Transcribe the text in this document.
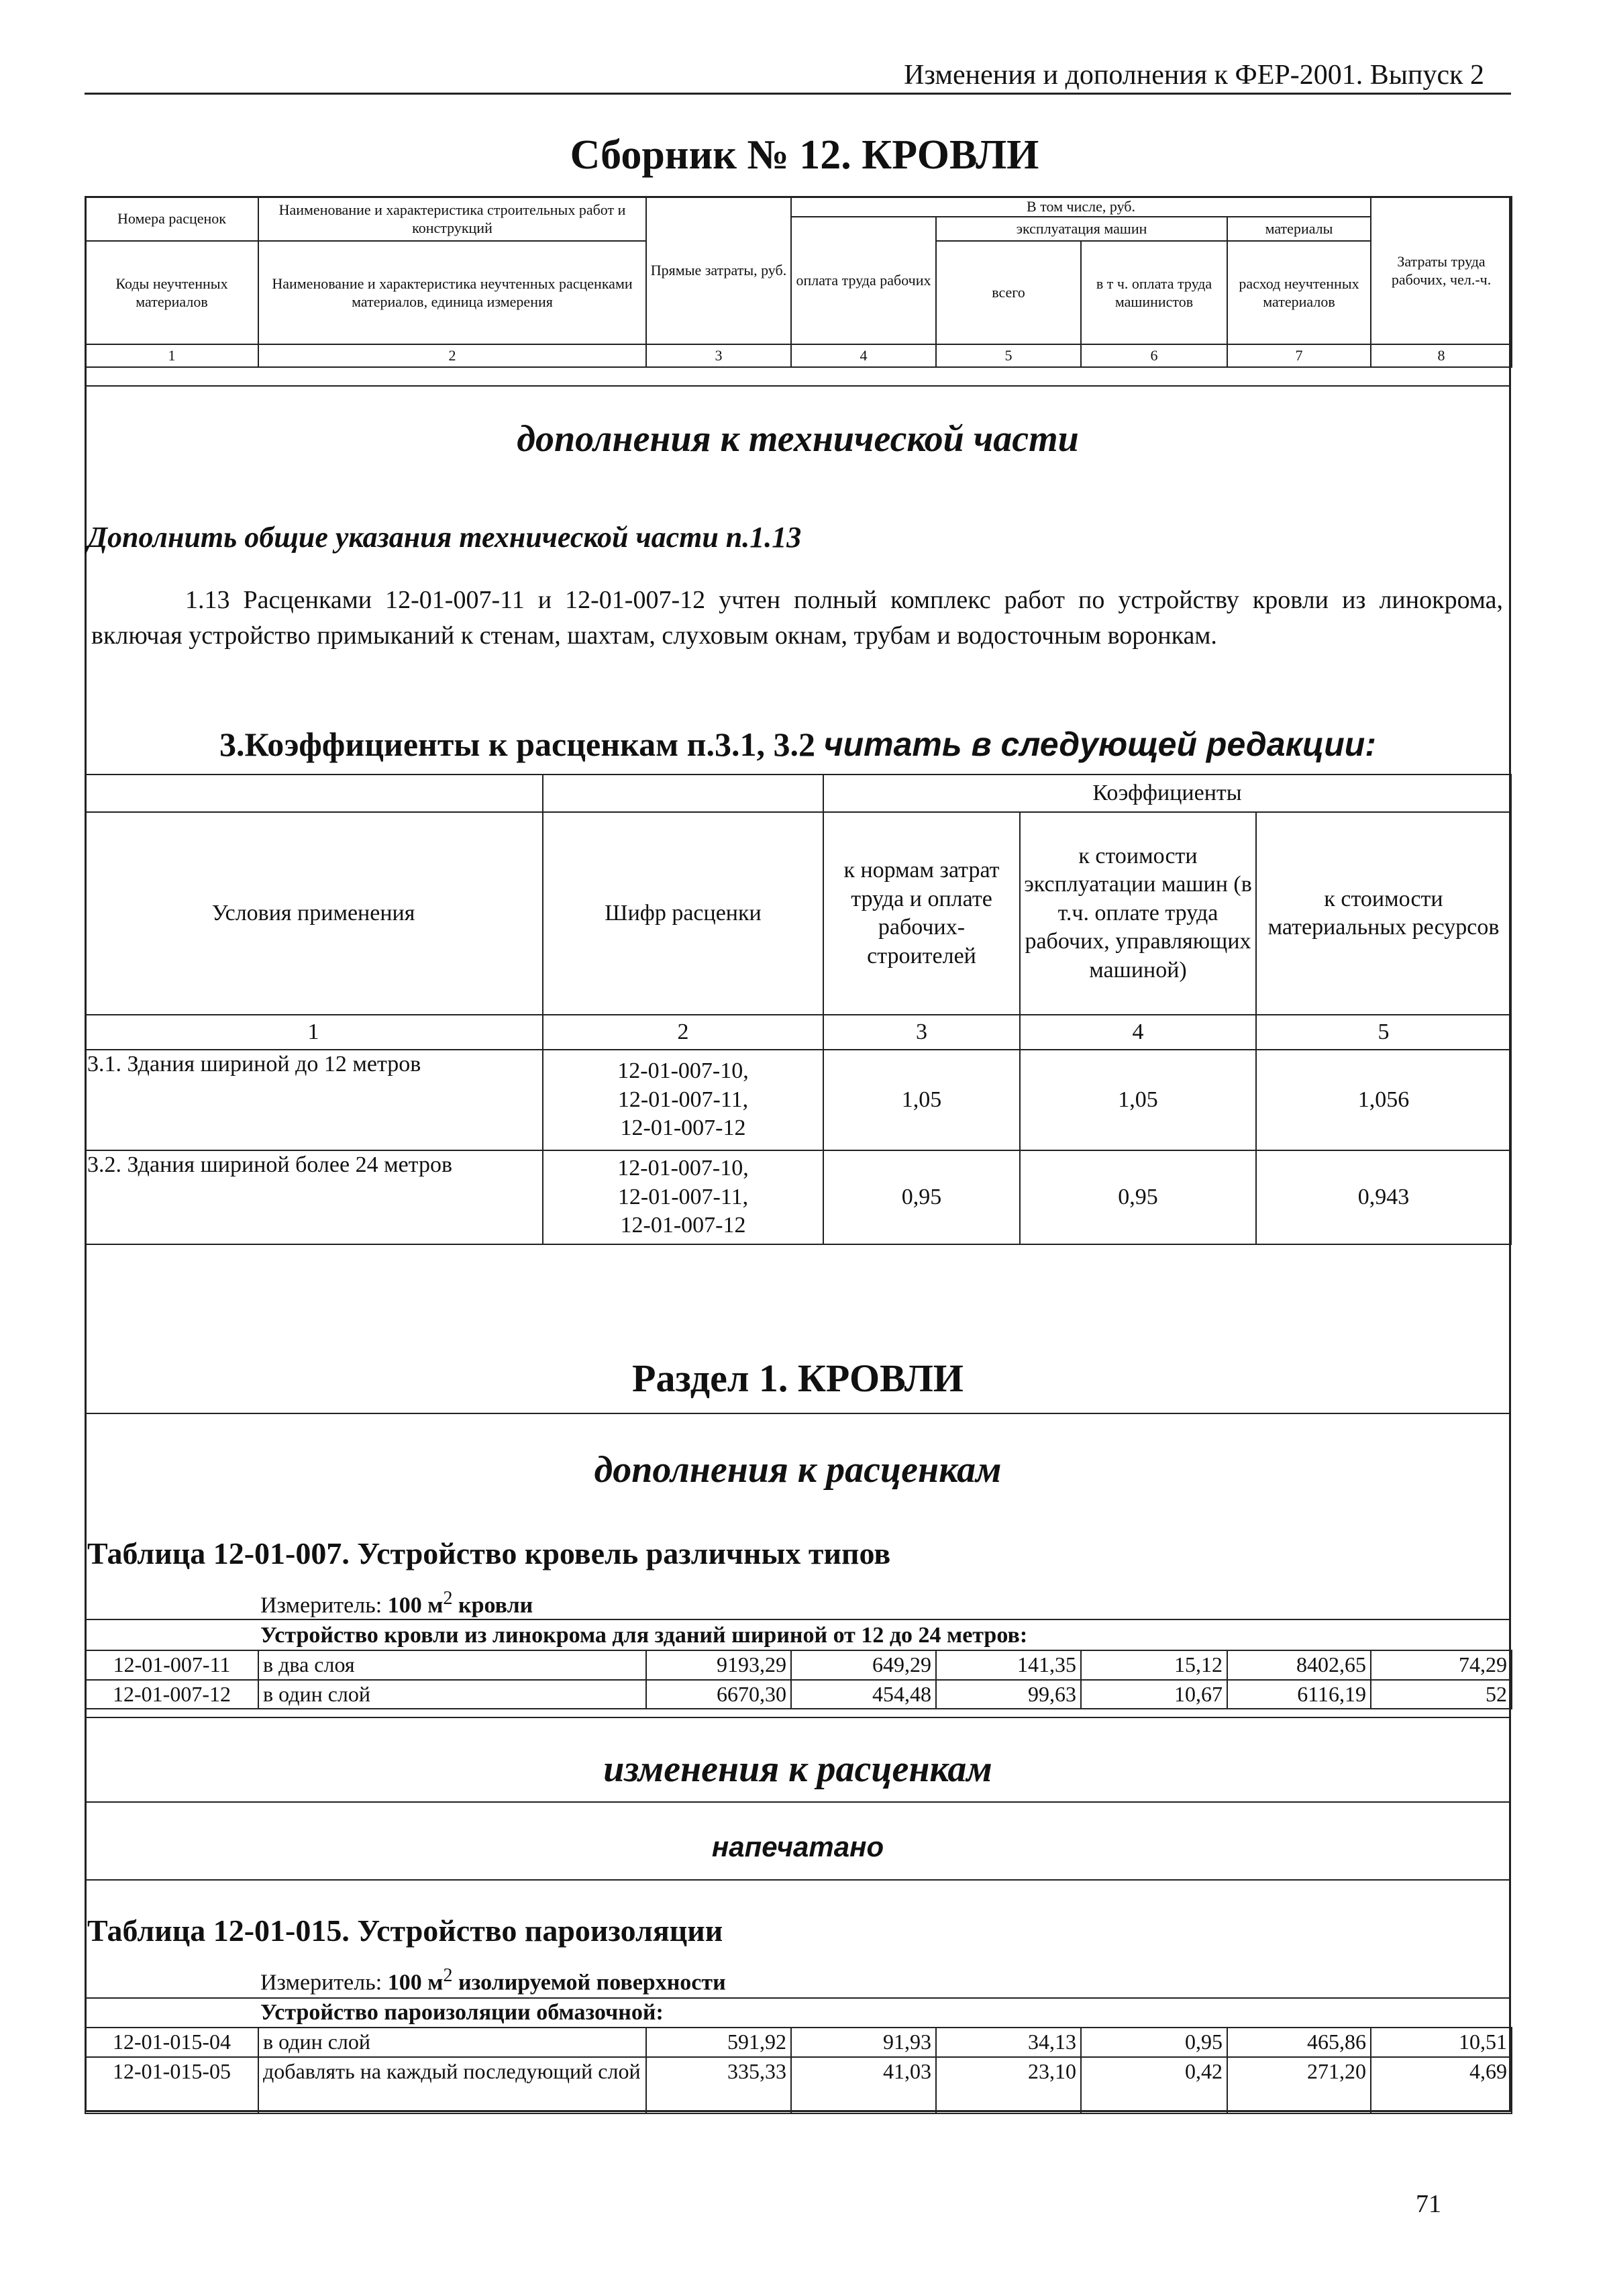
Изменения и дополнения к ФЕР-2001. Выпуск 2
Сборник № 12. КРОВЛИ
Номера расценок	Наименование и характеристика строительных работ и конструкций	Прямые затраты, руб.	В том числе, руб.				Затраты труда рабочих, чел.-ч.
			оплата труда рабочих	эксплуатация машин		материалы	
Коды неучтенных материалов	Наименование и характеристика неучтенных расценками материалов, единица измерения			всего	в т ч. оплата труда машинистов	расход неучтенных материалов	

1	2	3	4	5	6	7	8
дополнения к технической части
Дополнить общие указания технической части п.1.13
1.13 Расценками 12-01-007-11 и 12-01-007-12 учтен полный комплекс работ по устройству кровли из линокрома, включая устройство примыканий к стенам, шахтам, слуховым окнам, трубам и водосточным воронкам.
3.Коэффициенты к расценкам п.3.1, 3.2 читать в следующей редакции:
		Коэффициенты		
Условия применения	Шифр расценки	к нормам затрат труда и оплате рабочих-строителей	к стоимости эксплуатации машин (в т.ч. оплате труда рабочих, управляющих машиной)	к стоимости материальных ресурсов
1	2	3	4	5
3.1. Здания шириной до 12 метров	12-01-007-10,
12-01-007-11,
12-01-007-12	1,05	1,05	1,056
3.2. Здания шириной более 24 метров	12-01-007-10,
12-01-007-11,
12-01-007-12	0,95	0,95	0,943
Раздел 1. КРОВЛИ
дополнения к расценкам
Таблица 12-01-007. Устройство кровель различных типов
Измеритель: 100 $м^2$ кровли
Устройство кровли из линокрома для зданий шириной от 12 до 24 метров:
12-01-007-11	в два слоя	9193,29	649,29	141,35	15,12	8402,65	74,29
12-01-007-12	в один слой	6670,30	454,48	99,63	10,67	6116,19	52
изменения к расценкам
напечатано
Таблица 12-01-015. Устройство пароизоляции
Измеритель: 100 $м^2$ изолируемой поверхности
Устройство пароизоляции обмазочной:
12-01-015-04	в один слой	591,92	91,93	34,13	0,95	465,86	10,51
12-01-015-05	добавлять на каждый последующий слой	335,33	41,03	23,10	0,42	271,20	4,69
71
